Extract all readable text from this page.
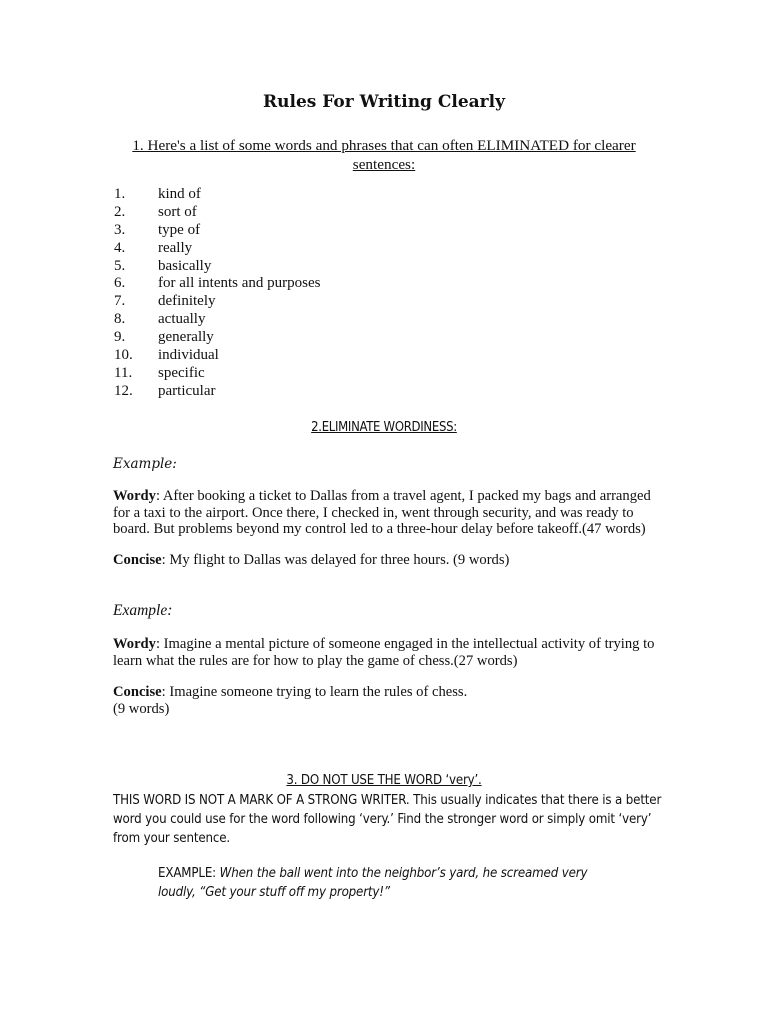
Rules For Writing Clearly
1. Here's a list of some words and phrases that can often ELIMINATED for clearer sentences:
1. kind of
2. sort of
3. type of
4. really
5. basically
6. for all intents and purposes
7. definitely
8. actually
9. generally
10. individual
11. specific
12. particular
2.ELIMINATE WORDINESS:
Example:
Wordy: After booking a ticket to Dallas from a travel agent, I packed my bags and arranged for a taxi to the airport. Once there, I checked in, went through security, and was ready to board. But problems beyond my control led to a three-hour delay before takeoff.(47 words)
Concise: My flight to Dallas was delayed for three hours. (9 words)
Example:
Wordy: Imagine a mental picture of someone engaged in the intellectual activity of trying to learn what the rules are for how to play the game of chess.(27 words)
Concise: Imagine someone trying to learn the rules of chess.
(9 words)
3. DO NOT USE THE WORD ‘very’.
THIS WORD IS NOT A MARK OF A STRONG WRITER. This usually indicates that there is a better word you could use for the word following ‘very.’ Find the stronger word or simply omit ‘very’ from your sentence.
EXAMPLE: When the ball went into the neighbor’s yard, he screamed very loudly, “Get your stuff off my property!”
